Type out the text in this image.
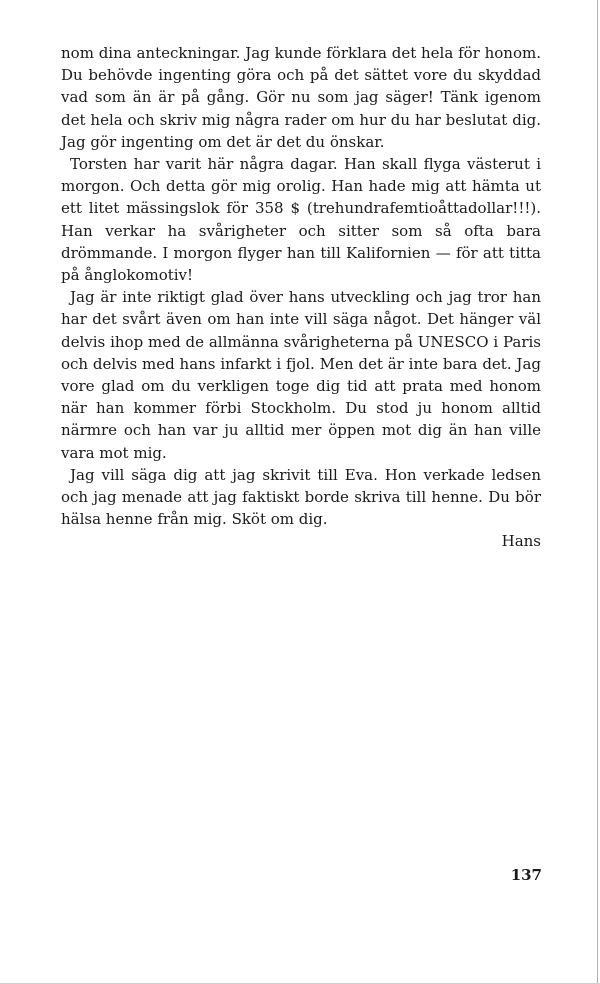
nom dina anteckningar. Jag kunde förklara det hela för honom. Du behövde ingenting göra och på det sättet vore du skyddad vad som än är på gång. Gör nu som jag säger! Tänk igenom det hela och skriv mig några rader om hur du har beslutat dig. Jag gör ingenting om det är det du önskar.

Torsten har varit här några dagar. Han skall flyga västerut i morgon. Och detta gör mig orolig. Han hade mig att hämta ut ett litet mässingslok för 358 $ (trehundrafemtioåttadollar!!!). Han verkar ha svårigheter och sitter som så ofta bara drömmande. I morgon flyger han till Kalifornien — för att titta på ånglokomotiv!

Jag är inte riktigt glad över hans utveckling och jag tror han har det svårt även om han inte vill säga något. Det hänger väl delvis ihop med de allmänna svårigheterna på UNESCO i Paris och delvis med hans infarkt i fjol. Men det är inte bara det. Jag vore glad om du verkligen toge dig tid att prata med honom när han kommer förbi Stockholm. Du stod ju honom alltid närmre och han var ju alltid mer öppen mot dig än han ville vara mot mig.

Jag vill säga dig att jag skrivit till Eva. Hon verkade ledsen och jag menade att jag faktiskt borde skriva till henne. Du bör hälsa henne från mig. Sköt om dig.

Hans

137
